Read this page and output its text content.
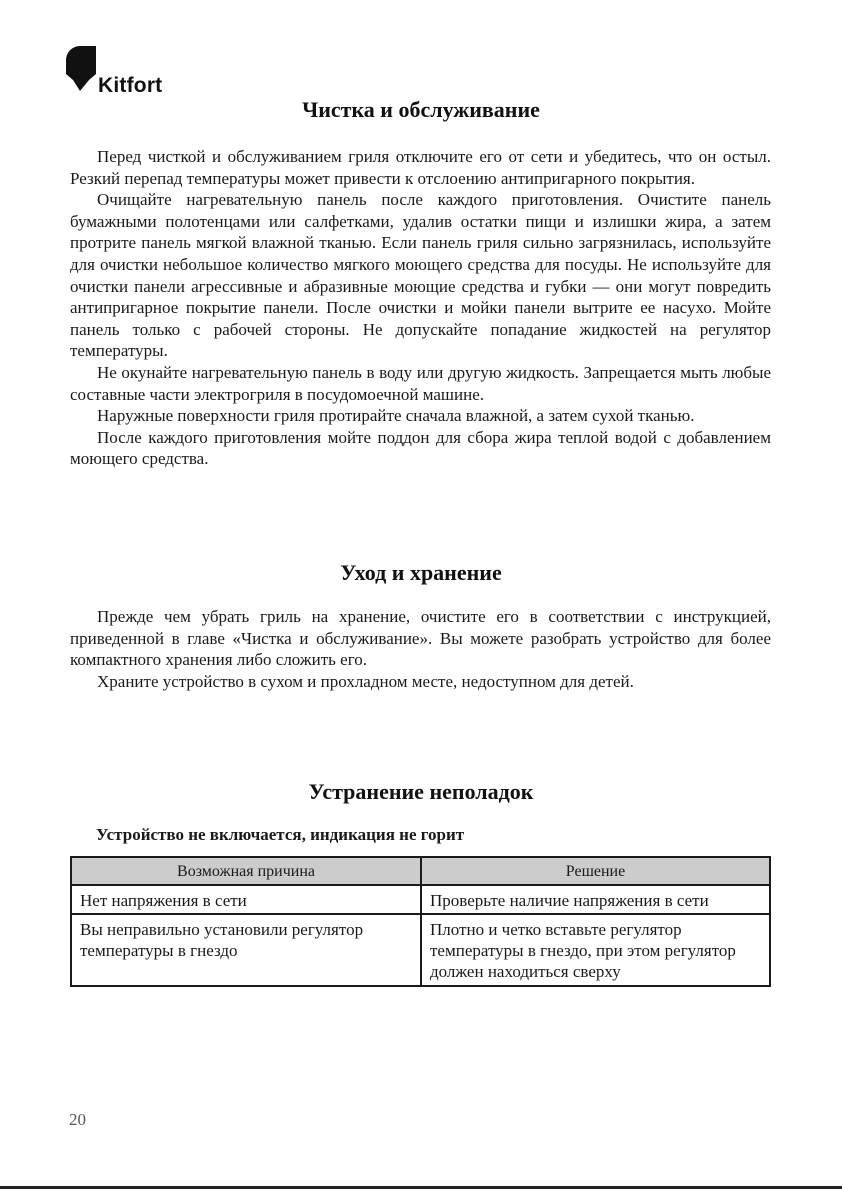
Kitfort
Чистка и обслуживание

Перед чисткой и обслуживанием гриля отключите его от сети и убедитесь, что он остыл. Резкий перепад температуры может привести к отслоению антипригарного покрытия.

Очищайте нагревательную панель после каждого приготовления. Очистите панель бумажными полотенцами или салфетками, удалив остатки пищи и излишки жира, а затем протрите панель мягкой влажной тканью. Если панель гриля сильно загрязнилась, используйте для очистки небольшое количество мягкого моющего средства для посуды. Не используйте для очистки панели агрессивные и абразивные моющие средства и губки — они могут повредить антипригарное покрытие панели. После очистки и мойки панели вытрите ее насухо. Мойте панель только с рабочей стороны. Не допускайте попадание жидкостей на регулятор температуры.

Не окунайте нагревательную панель в воду или другую жидкость. Запрещается мыть любые составные части электрогриля в посудомоечной машине.

Наружные поверхности гриля протирайте сначала влажной, а затем сухой тканью.

После каждого приготовления мойте поддон для сбора жира теплой водой с добавлением моющего средства.

Уход и хранение

Прежде чем убрать гриль на хранение, очистите его в соответствии с инструкцией, приведенной в главе «Чистка и обслуживание». Вы можете разобрать устройство для более компактного хранения либо сложить его.

Храните устройство в сухом и прохладном месте, недоступном для детей.

Устранение неполадок

Устройство не включается, индикация не горит

Возможная причина	Решение
Нет напряжения в сети	Проверьте наличие напряжения в сети
Вы неправильно установили регулятор температуры в гнездо	Плотно и четко вставьте регулятор температуры в гнездо, при этом регулятор должен находиться сверху
20
